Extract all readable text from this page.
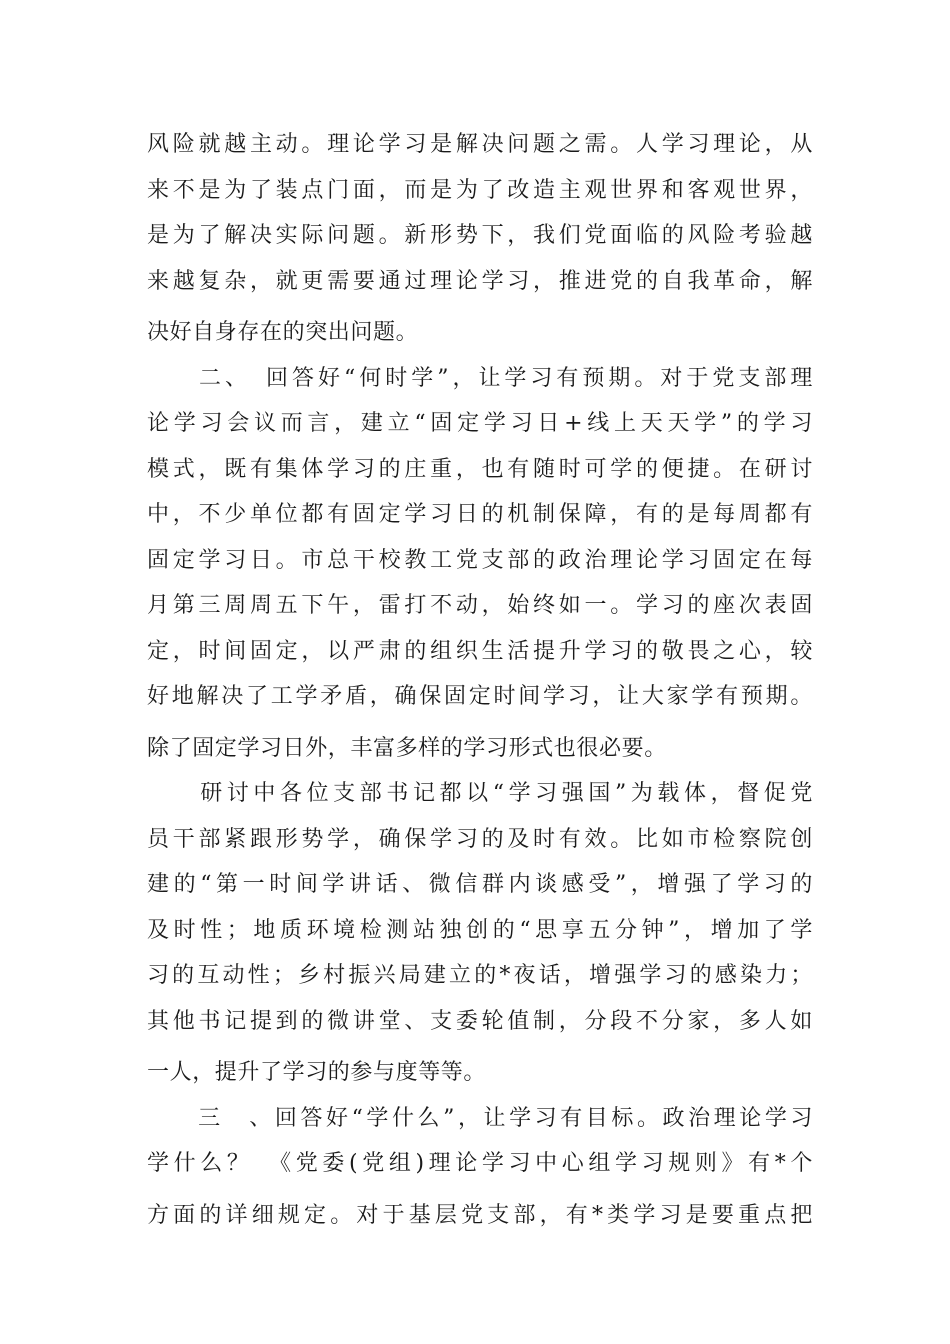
风险就越主动。理论学习是解决问题之需。人学习理论，从
来不是为了装点门面，而是为了改造主观世界和客观世界，
是为了解决实际问题。新形势下，我们党面临的风险考验越
来越复杂，就更需要通过理论学习，推进党的自我革命，解
决好自身存在的突出问题。
　　二、　回答好“何时学”，让学习有预期。对于党支部理
论学习会议而言，建立“固定学习日+线上天天学”的学习
模式，既有集体学习的庄重，也有随时可学的便捷。在研讨
中，不少单位都有固定学习日的机制保障，有的是每周都有
固定学习日。市总干校教工党支部的政治理论学习固定在每
月第三周周五下午，雷打不动，始终如一。学习的座次表固
定，时间固定，以严肃的组织生活提升学习的敬畏之心，较
好地解决了工学矛盾，确保固定时间学习，让大家学有预期。
除了固定学习日外，丰富多样的学习形式也很必要。
　　研讨中各位支部书记都以“学习强国”为载体，督促党
员干部紧跟形势学，确保学习的及时有效。比如市检察院创
建的“第一时间学讲话、微信群内谈感受”，增强了学习的
及时性；地质环境检测站独创的“思享五分钟”，增加了学
习的互动性；乡村振兴局建立的*夜话，增强学习的感染力；
其他书记提到的微讲堂、支委轮值制，分段不分家，多人如
一人，提升了学习的参与度等等。
　　三　、回答好“学什么”，让学习有目标。政治理论学习
学什么？　《党委(党组)理论学习中心组学习规则》有*个
方面的详细规定。对于基层党支部，有*类学习是要重点把
